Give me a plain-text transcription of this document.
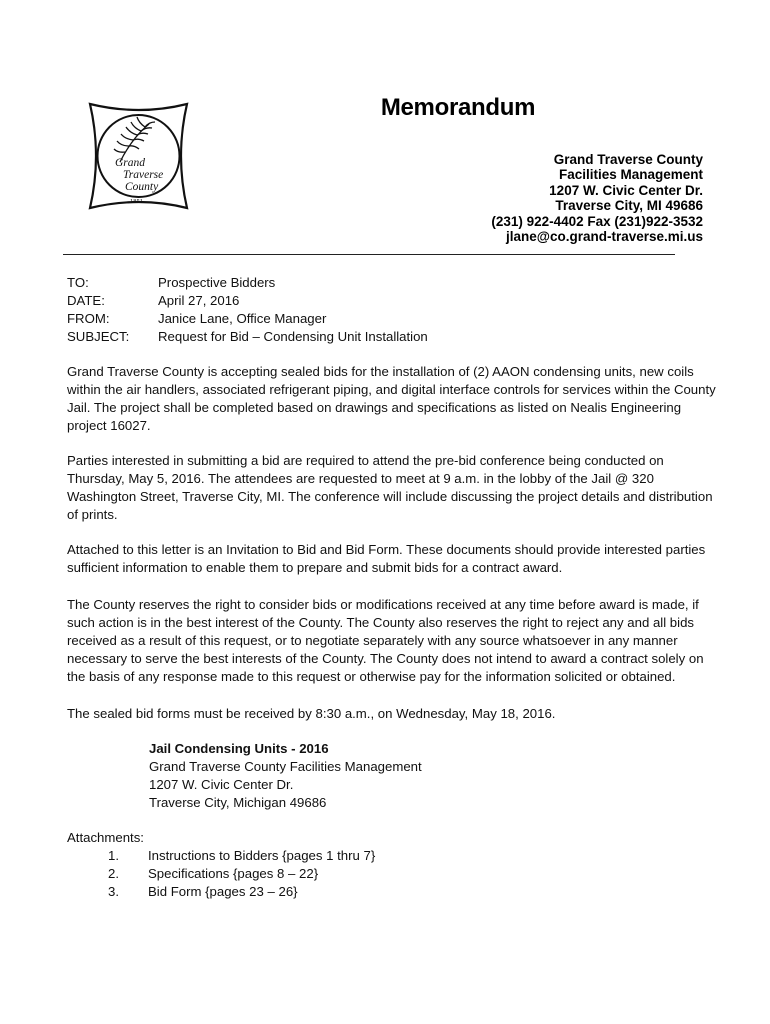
Grand
Traverse
County
1851
Memorandum
Grand Traverse County
Facilities Management
1207 W. Civic Center Dr.
Traverse City, MI 49686
(231) 922-4402 Fax (231)922-3532
jlane@co.grand-traverse.mi.us
TO:	Prospective Bidders
DATE:	April 27, 2016
FROM:	Janice Lane, Office Manager
SUBJECT:	Request for Bid – Condensing Unit Installation

Grand Traverse County is accepting sealed bids for the installation of (2) AAON condensing units, new coils within the air handlers, associated refrigerant piping, and digital interface controls for services within the County Jail. The project shall be completed based on drawings and specifications as listed on Nealis Engineering project 16027.

Parties interested in submitting a bid are required to attend the pre-bid conference being conducted on Thursday, May 5, 2016. The attendees are requested to meet at 9 a.m. in the lobby of the Jail @ 320 Washington Street, Traverse City, MI. The conference will include discussing the project details and distribution of prints.

Attached to this letter is an Invitation to Bid and Bid Form. These documents should provide interested parties sufficient information to enable them to prepare and submit bids for a contract award.

The County reserves the right to consider bids or modifications received at any time before award is made, if such action is in the best interest of the County. The County also reserves the right to reject any and all bids received as a result of this request, or to negotiate separately with any source whatsoever in any manner necessary to serve the best interests of the County. The County does not intend to award a contract solely on the basis of any response made to this request or otherwise pay for the information solicited or obtained.

The sealed bid forms must be received by 8:30 a.m., on Wednesday, May 18, 2016.

Jail Condensing Units - 2016
Grand Traverse County Facilities Management
1207 W. Civic Center Dr.
Traverse City, Michigan 49686
Attachments:
1.	Instructions to Bidders {pages 1 thru 7}
2.	Specifications {pages 8 – 22}
3.	Bid Form {pages 23 – 26}
